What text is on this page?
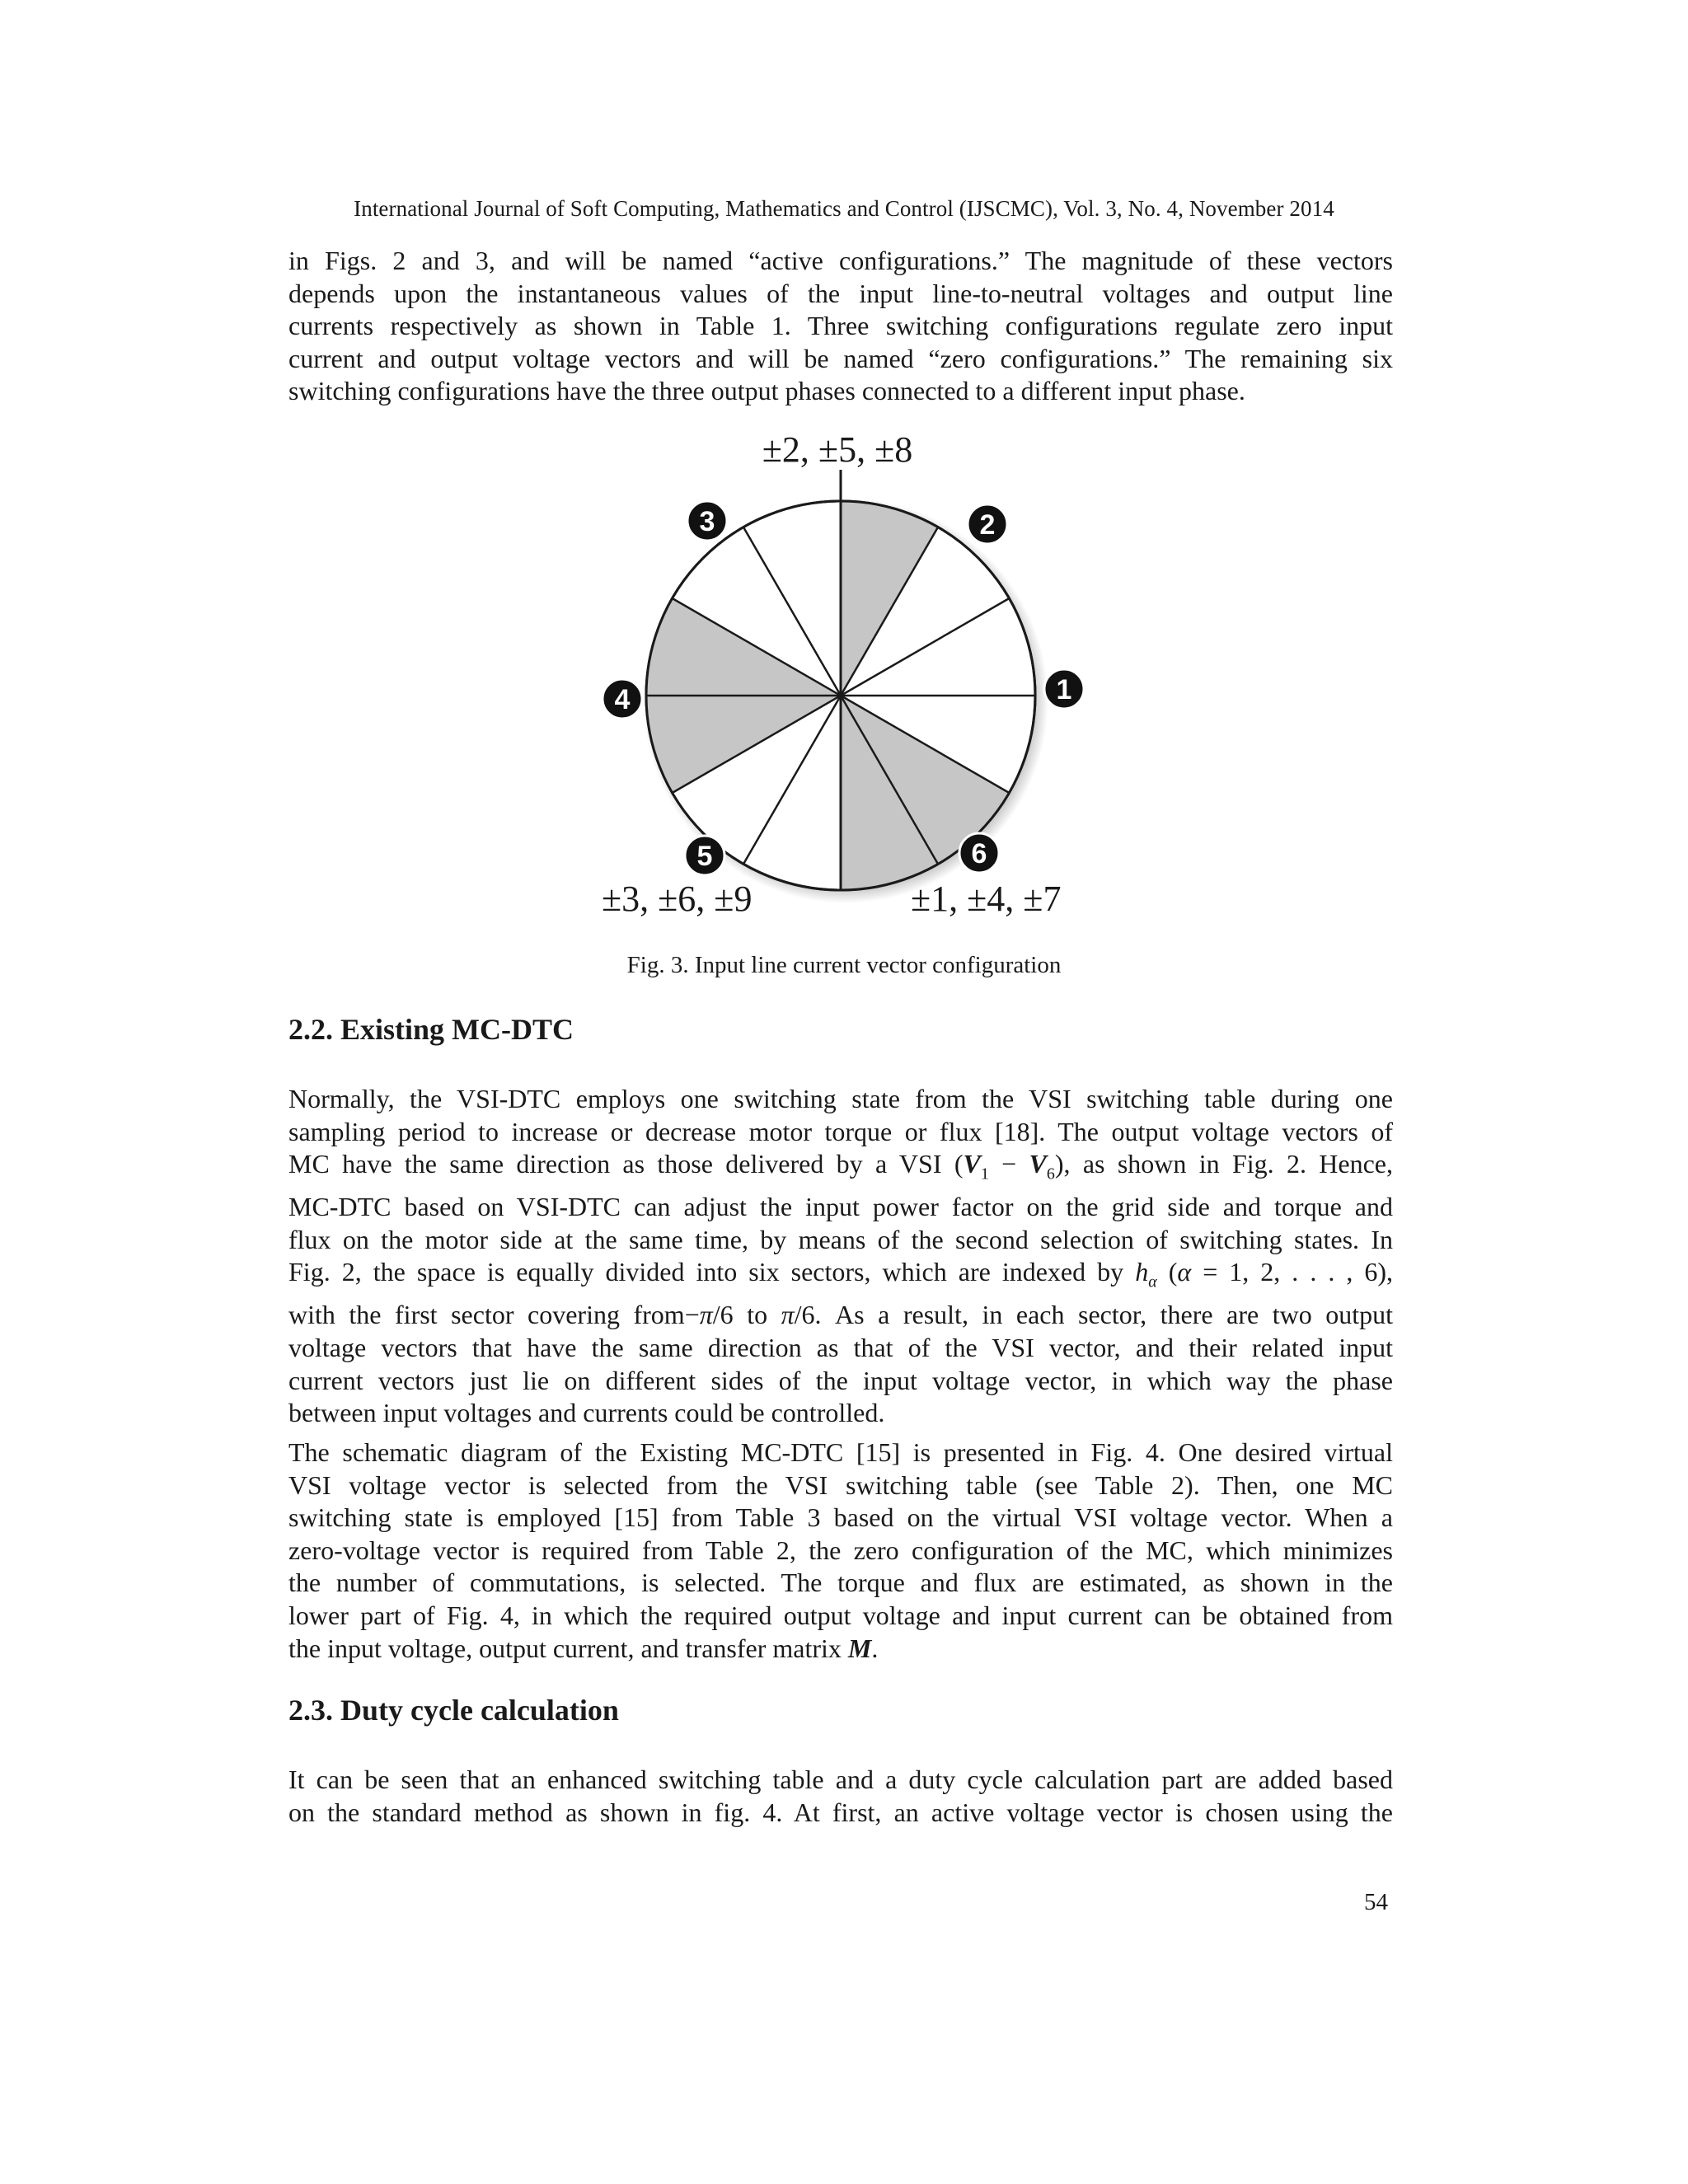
International Journal of Soft Computing, Mathematics and Control (IJSCMC), Vol. 3, No. 4, November 2014

in Figs. 2 and 3, and will be named “active configurations.” The magnitude of these vectors
depends upon the instantaneous values of the input line-to-neutral voltages and output line
currents respectively as shown in Table 1. Three switching configurations regulate zero input
current and output voltage vectors and will be named “zero configurations.” The remaining six
switching configurations have the three output phases connected to a different input phase.

±2, ±5, ±8
±3, ±6, ±9	±1, ±4, ±7
1
2
3
4
5	6
Fig. 3. Input line current vector configuration
2.2. Existing MC-DTC

Normally, the VSI-DTC employs one switching state from the VSI switching table during one
sampling period to increase or decrease motor torque or flux [18]. The output voltage vectors of
MC have the same direction as those delivered by a VSI $(V_1 - V_6)$, as shown in Fig. 2. Hence,
MC-DTC based on VSI-DTC can adjust the input power factor on the grid side and torque and
flux on the motor side at the same time, by means of the second selection of switching states. In
Fig. 2, the space is equally divided into six sectors, which are indexed by $h_\alpha$ (α = 1, 2, . . . , 6),
with the first sector covering from−π/6 to π/6. As a result, in each sector, there are two output
voltage vectors that have the same direction as that of the VSI vector, and their related input
current vectors just lie on different sides of the input voltage vector, in which way the phase
between input voltages and currents could be controlled.

The schematic diagram of the Existing MC-DTC [15] is presented in Fig. 4. One desired virtual
VSI voltage vector is selected from the VSI switching table (see Table 2). Then, one MC
switching state is employed [15] from Table 3 based on the virtual VSI voltage vector. When a
zero-voltage vector is required from Table 2, the zero configuration of the MC, which minimizes
the number of commutations, is selected. The torque and flux are estimated, as shown in the
lower part of Fig. 4, in which the required output voltage and input current can be obtained from
the input voltage, output current, and transfer matrix M.

2.3. Duty cycle calculation

It can be seen that an enhanced switching table and a duty cycle calculation part are added based
on the standard method as shown in fig. 4. At first, an active voltage vector is chosen using the

54
